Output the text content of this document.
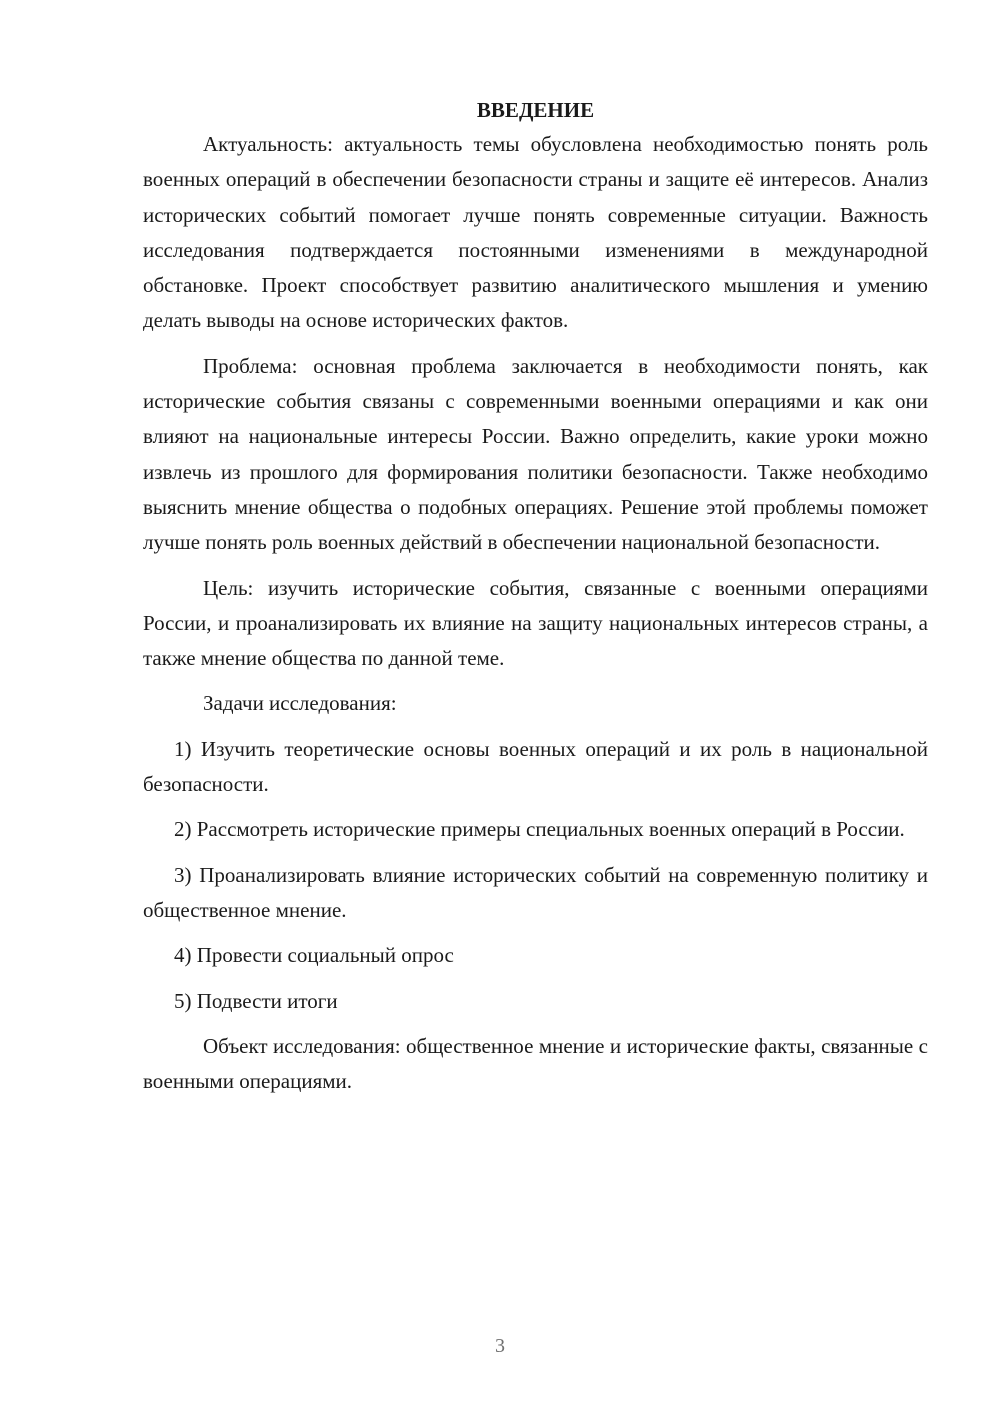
ВВЕДЕНИЕ

Актуальность: актуальность темы обусловлена необходимостью понять роль военных операций в обеспечении безопасности страны и защите её интересов. Анализ исторических событий помогает лучше понять современные ситуации. Важность исследования подтверждается постоянными изменениями в международной обстановке. Проект способствует развитию аналитического мышления и умению делать выводы на основе исторических фактов.

Проблема: основная проблема заключается в необходимости понять, как исторические события связаны с современными военными операциями и как они влияют на национальные интересы России. Важно определить, какие уроки можно извлечь из прошлого для формирования политики безопасности. Также необходимо выяснить мнение общества о подобных операциях. Решение этой проблемы поможет лучше понять роль военных действий в обеспечении национальной безопасности.

Цель: изучить исторические события, связанные с военными операциями России, и проанализировать их влияние на защиту национальных интересов страны, а также мнение общества по данной теме.

Задачи исследования:

1) Изучить теоретические основы военных операций и их роль в национальной безопасности.

2) Рассмотреть исторические примеры специальных военных операций в России.

3) Проанализировать влияние исторических событий на современную политику и общественное мнение.

4) Провести социальный опрос

5) Подвести итоги

Объект исследования: общественное мнение и исторические факты, связанные с военными операциями.

3
